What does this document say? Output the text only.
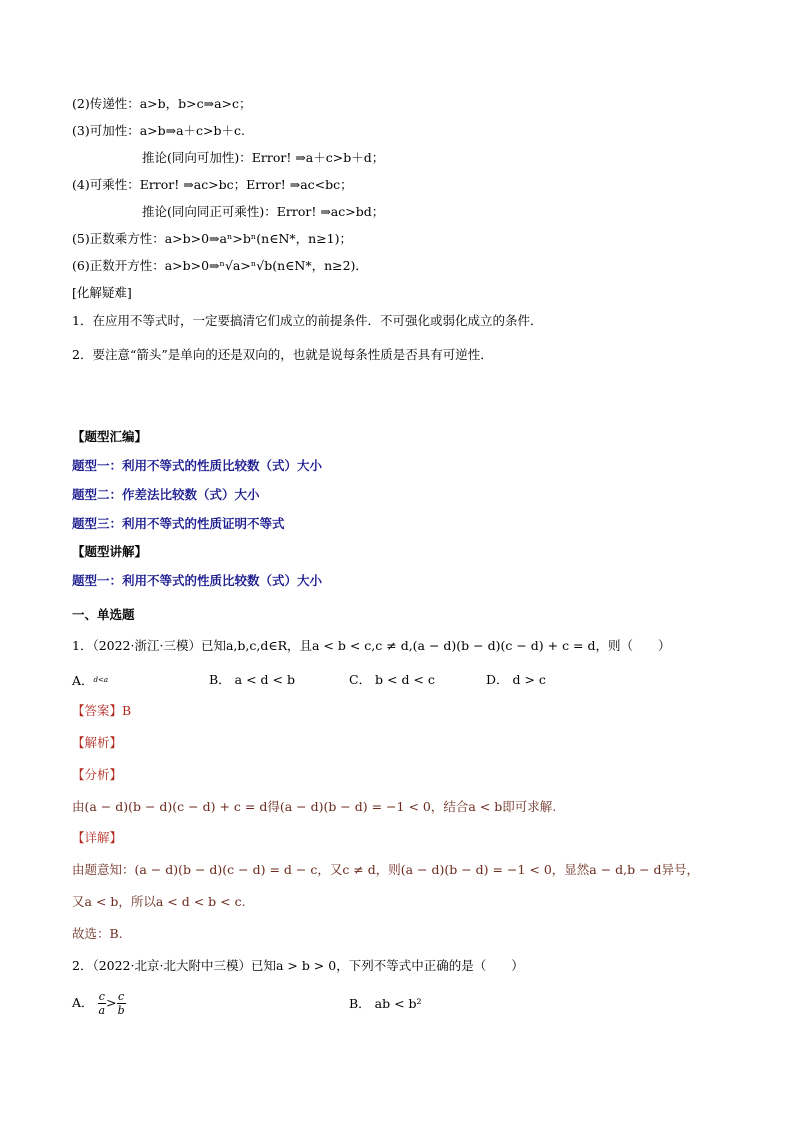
(2)传递性：a>b，b>c⇒a>c；
(3)可加性：a>b⇒a＋c>b＋c.
推论(同向可加性)：Error! ⇒a＋c>b＋d；
(4)可乘性：Error! ⇒ac>bc；Error! ⇒ac<bc；
推论(同向同正可乘性)：Error! ⇒ac>bd；
(5)正数乘方性：a>b>0⇒aⁿ>bⁿ(n∈N*，n≥1)；
(6)正数开方性：a>b>0⇒ⁿ√a>ⁿ√b(n∈N*，n≥2)．
[化解疑难]
1．在应用不等式时，一定要搞清它们成立的前提条件．不可强化或弱化成立的条件．
2．要注意“箭头”是单向的还是双向的，也就是说每条性质是否具有可逆性．
【题型汇编】
题型一：利用不等式的性质比较数（式）大小
题型二：作差法比较数（式）大小
题型三：利用不等式的性质证明不等式
【题型讲解】
题型一：利用不等式的性质比较数（式）大小
一、单选题
1．（2022·浙江·三模）已知a,b,c,d∈R，且a < b < c,c ≠ d,(a − d)(b − d)(c − d) + c = d，则（　　）
A．$^{d<a}$	B． a < d < b	C． b < d < c	D． d > c
【答案】B
【解析】
【分析】
由(a − d)(b − d)(c − d) + c = d得(a − d)(b − d) = −1 < 0，结合a < b即可求解.
【详解】
由题意知：(a − d)(b − d)(c − d) = d − c，又c ≠ d，则(a − d)(b − d) = −1 < 0，显然a − d,b − d异号，
又a < b，所以a < d < b < c.
故选：B.
2．（2022·北京·北大附中三模）已知a > b > 0，下列不等式中正确的是（　　）
A． $\frac{c}{a} > \frac{c}{b}$	B． ab < b²
